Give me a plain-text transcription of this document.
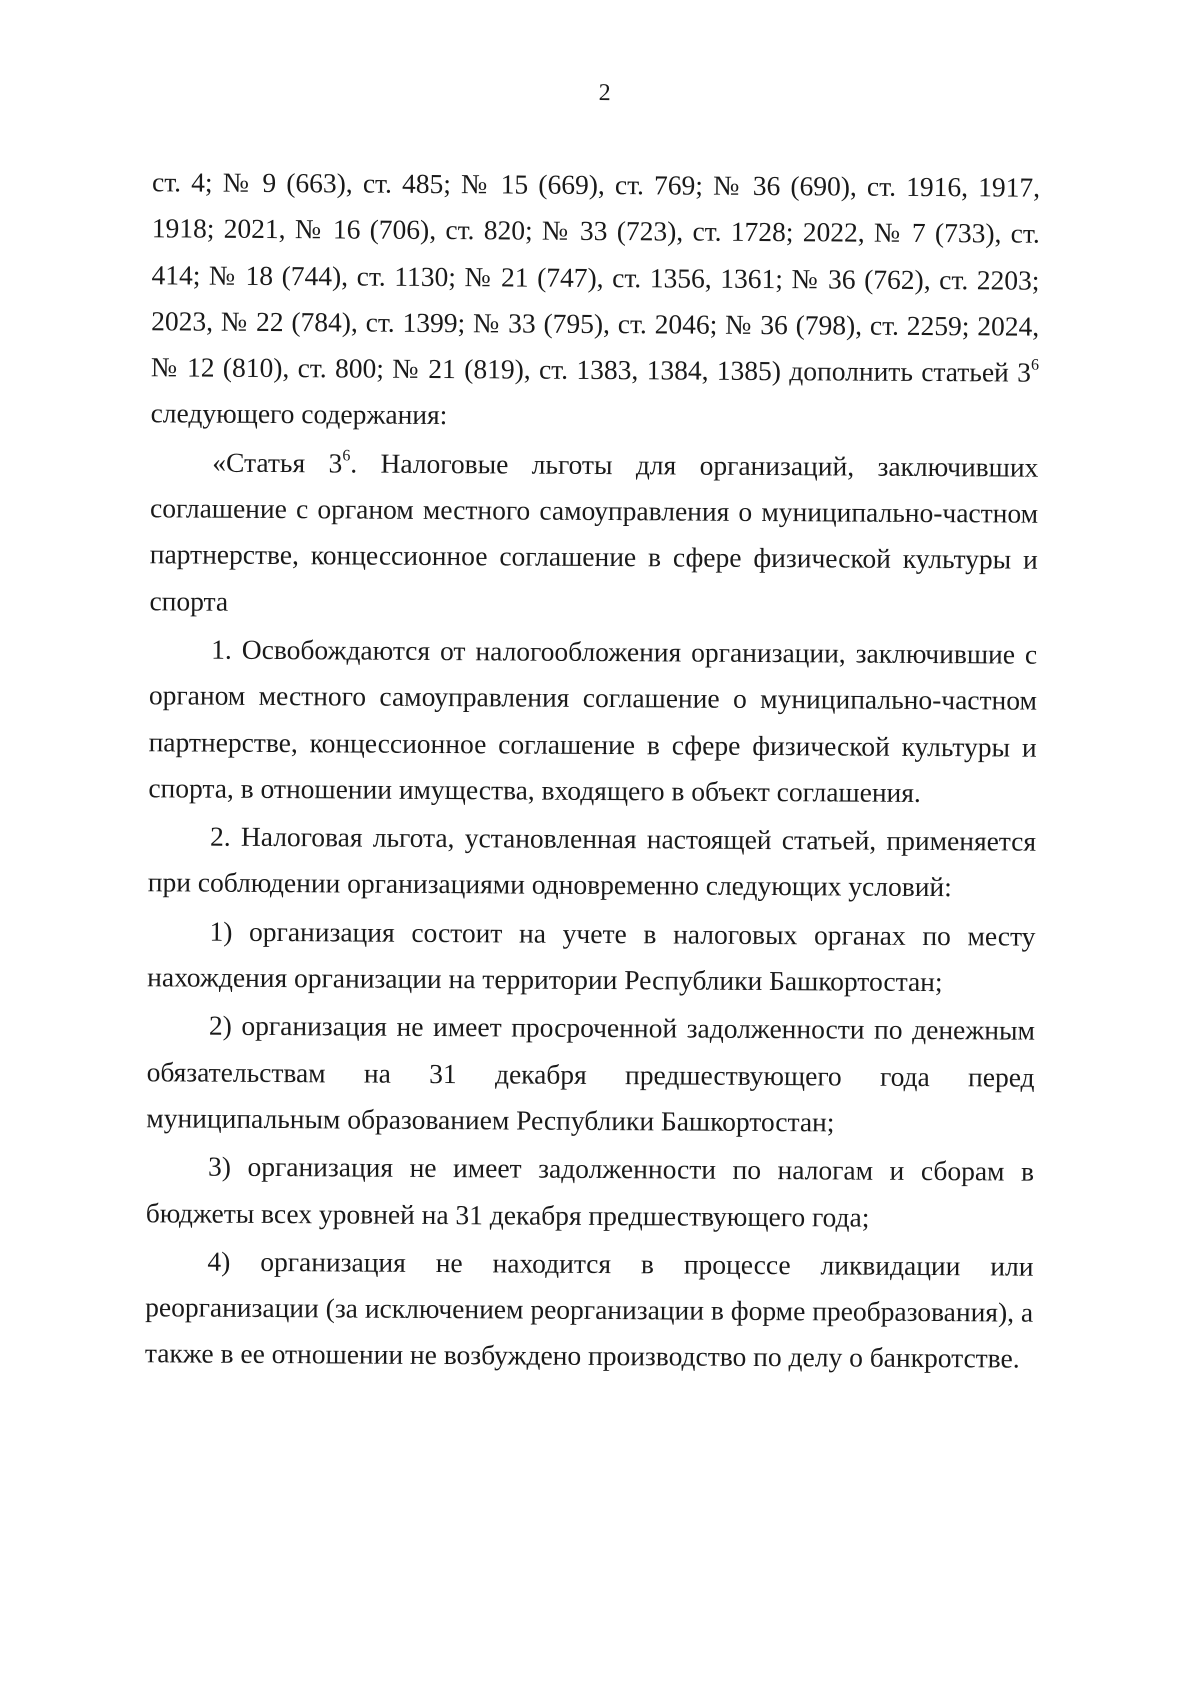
2

ст. 4; № 9 (663), ст. 485; № 15 (669), ст. 769; № 36 (690), ст. 1916, 1917, 1918; 2021, № 16 (706), ст. 820; № 33 (723), ст. 1728; 2022, № 7 (733), ст. 414; № 18 (744), ст. 1130; № 21 (747), ст. 1356, 1361; № 36 (762), ст. 2203; 2023, № 22 (784), ст. 1399; № 33 (795), ст. 2046; № 36 (798), ст. 2259; 2024, № 12 (810), ст. 800; № 21 (819), ст. 1383, 1384, 1385) дополнить статьей $3^6$ следующего содержания:

«Статья $3^6$. Налоговые льготы для организаций, заключивших соглашение с органом местного самоуправления о муниципально-частном партнерстве, концессионное соглашение в сфере физической культуры и спорта

1. Освобождаются от налогообложения организации, заключившие с органом местного самоуправления соглашение о муниципально-частном партнерстве, концессионное соглашение в сфере физической культуры и спорта, в отношении имущества, входящего в объект соглашения.

2. Налоговая льгота, установленная настоящей статьей, применяется при соблюдении организациями одновременно следующих условий:

1) организация состоит на учете в налоговых органах по месту нахождения организации на территории Республики Башкортостан;

2) организация не имеет просроченной задолженности по денежным обязательствам на 31 декабря предшествующего года перед муниципальным образованием Республики Башкортостан;

3) организация не имеет задолженности по налогам и сборам в бюджеты всех уровней на 31 декабря предшествующего года;

4) организация не находится в процессе ликвидации или реорганизации (за исключением реорганизации в форме преобразования), а также в ее отношении не возбуждено производство по делу о банкротстве.
